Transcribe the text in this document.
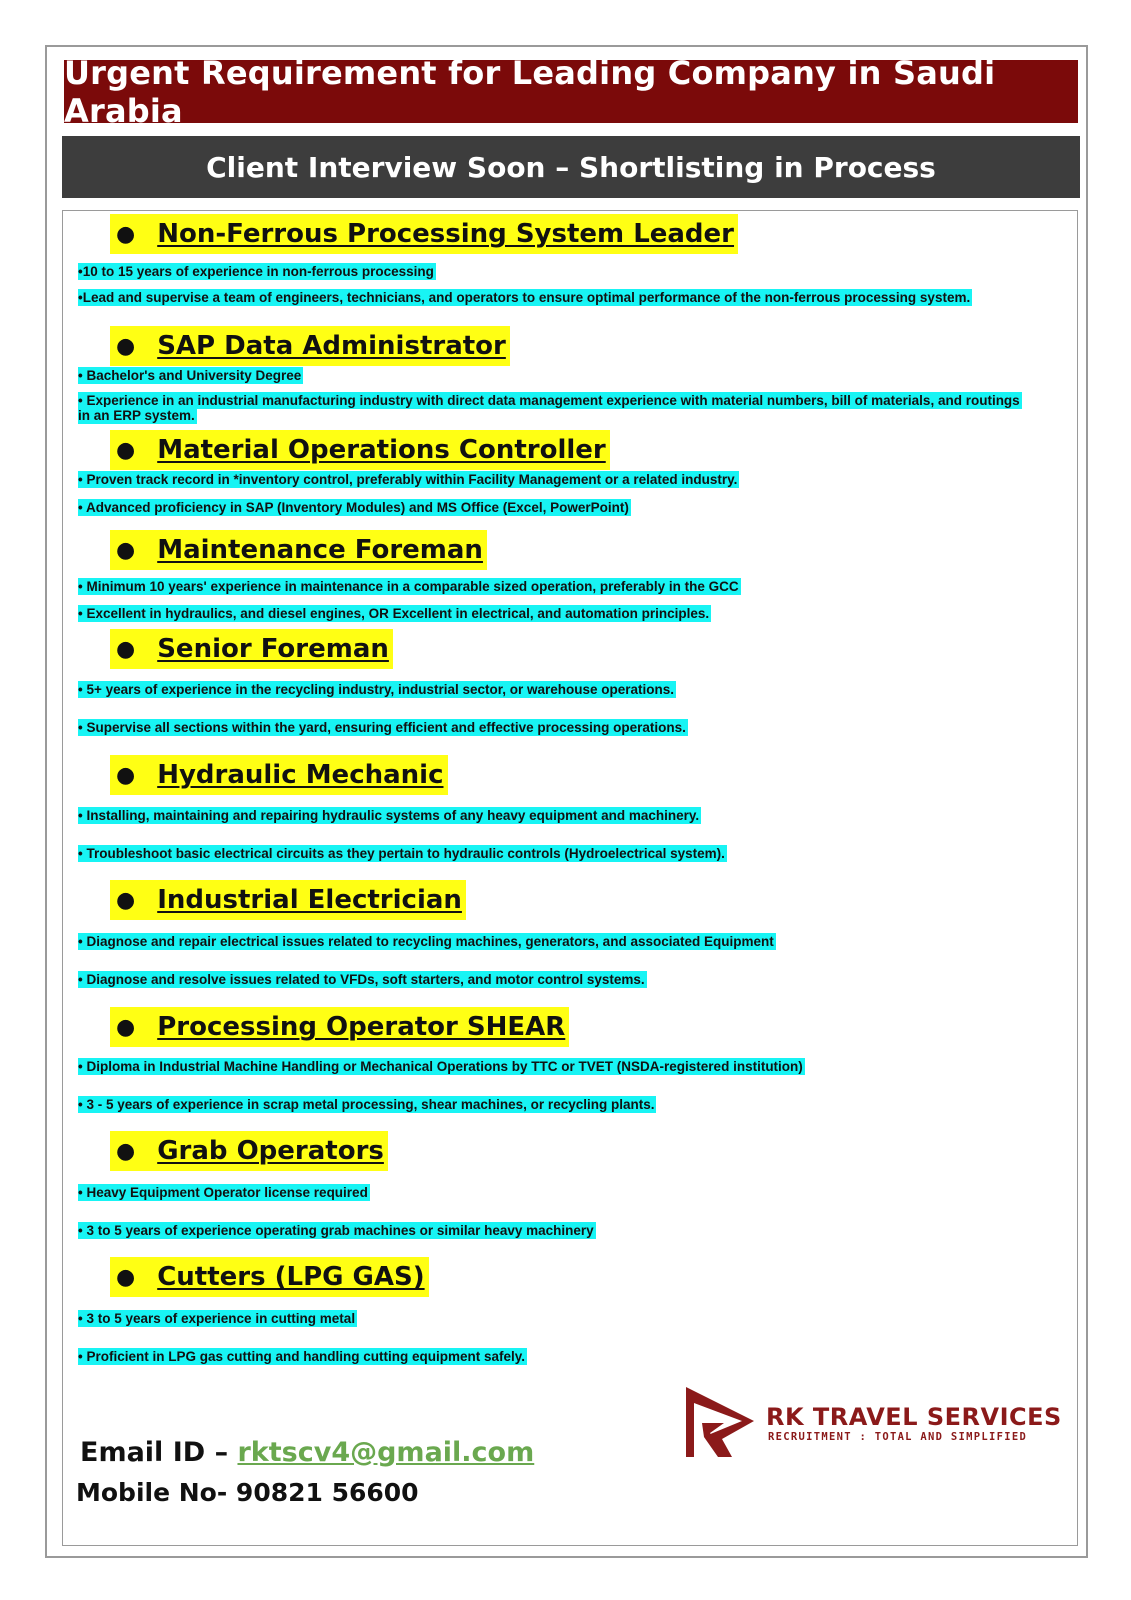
Urgent Requirement for Leading Company in Saudi Arabia
Client Interview Soon – Shortlisting in Process
● Non-Ferrous Processing System Leader
•10 to 15 years of experience in non-ferrous processing
•Lead and supervise a team of engineers, technicians, and operators to ensure optimal performance of the non-ferrous processing system.
● SAP Data Administrator
• Bachelor's and University Degree
• Experience in an industrial manufacturing industry with direct data management experience with material numbers, bill of materials, and routings in an ERP system.
● Material Operations Controller
• Proven track record in *inventory control, preferably within Facility Management or a related industry.
• Advanced proficiency in SAP (Inventory Modules) and MS Office (Excel, PowerPoint)
● Maintenance Foreman
• Minimum 10 years' experience in maintenance in a comparable sized operation, preferably in the GCC
• Excellent in hydraulics, and diesel engines, OR Excellent in electrical, and automation principles.
● Senior Foreman
• 5+ years of experience in the recycling industry, industrial sector, or warehouse operations.
• Supervise all sections within the yard, ensuring efficient and effective processing operations.
● Hydraulic Mechanic
• Installing, maintaining and repairing hydraulic systems of any heavy equipment and machinery.
• Troubleshoot basic electrical circuits as they pertain to hydraulic controls (Hydroelectrical system).
● Industrial Electrician
• Diagnose and repair electrical issues related to recycling machines, generators, and associated Equipment
• Diagnose and resolve issues related to VFDs, soft starters, and motor control systems.
● Processing Operator SHEAR
• Diploma in Industrial Machine Handling or Mechanical Operations by TTC or TVET (NSDA-registered institution)
• 3 - 5 years of experience in scrap metal processing, shear machines, or recycling plants.
● Grab Operators
• Heavy Equipment Operator license required
• 3 to 5 years of experience operating grab machines or similar heavy machinery
● Cutters (LPG GAS)
• 3 to 5 years of experience in cutting metal
• Proficient in LPG gas cutting and handling cutting equipment safely.
RK TRAVEL SERVICES
RECRUITMENT : TOTAL AND SIMPLIFIED
Email ID – rktscv4@gmail.com
Mobile No- 90821 56600
